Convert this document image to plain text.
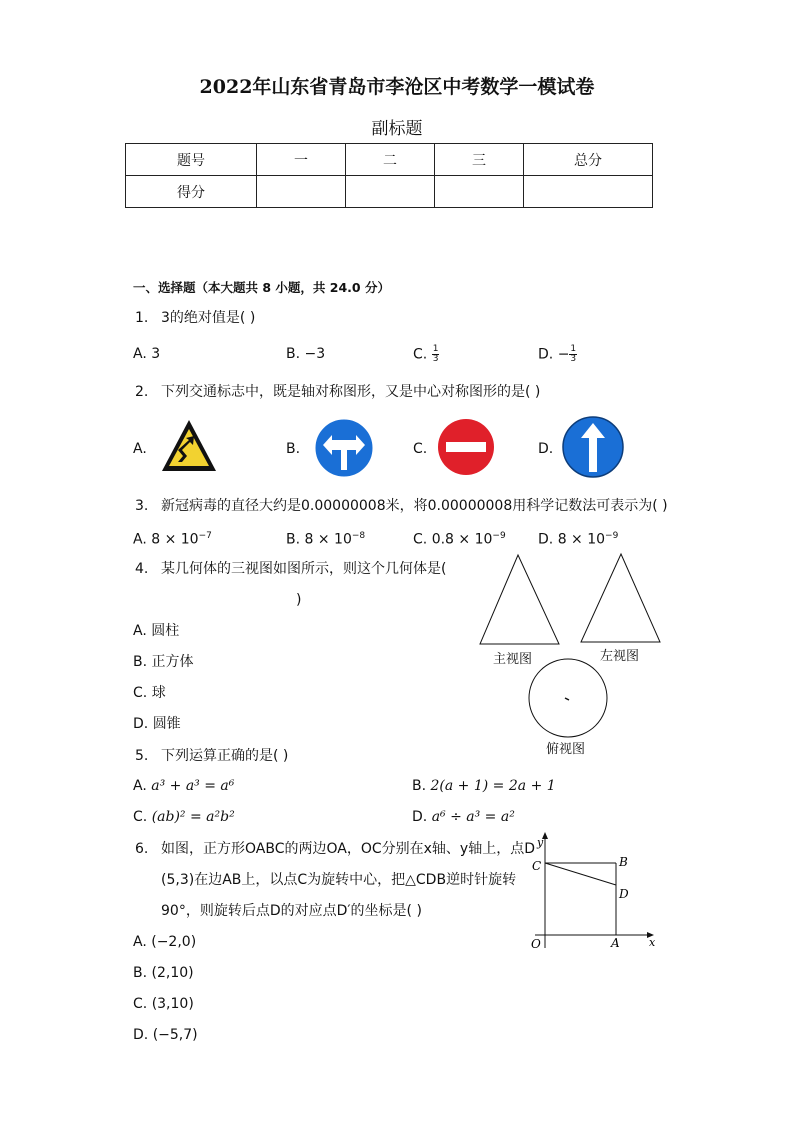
2022年山东省青岛市李沧区中考数学一模试卷
副标题
题号	一	二	三	总分
得分				
一、选择题（本大题共 8 小题，共 24.0 分）
1. 3的绝对值是( )
A. 3	B. −3	C. $\frac{1}{3}$	D. − $\frac{1}{3}$
2. 下列交通标志中，既是轴对称图形，又是中心对称图形的是( )
A.	B.	C.	D.
3. 新冠病毒的直径大约是0.00000008米，将0.00000008用科学记数法可表示为( )
A. $8 \times 10^{-7}$	B. $8 \times 10^{-8}$	C. $0.8 \times 10^{-9}$ D. $8 \times 10^{-9}$
4. 某几何体的三视图如图所示，则这个几何体是(
)
A. 圆柱
B. 正方体
C. 球
D. 圆锥
主视图	左视图
俯视图
5. 下列运算正确的是( )
A. a³ + a³ = a⁶	B. 2(a + 1) = 2a + 1
C. (ab)² = a²b²	D. a⁶ ÷ a³ = a²
6. 如图，正方形OABC的两边OA，OC分别在x轴、y轴上，点D
(5,3)在边AB上，以点C为旋转中心，把△CDB逆时针旋转
90°，则旋转后点D的对应点D′的坐标是( )
A. (−2,0)
B. (2,10)
C. (3,10)
D. (−5,7)
y
x
O	A
B
C
D
